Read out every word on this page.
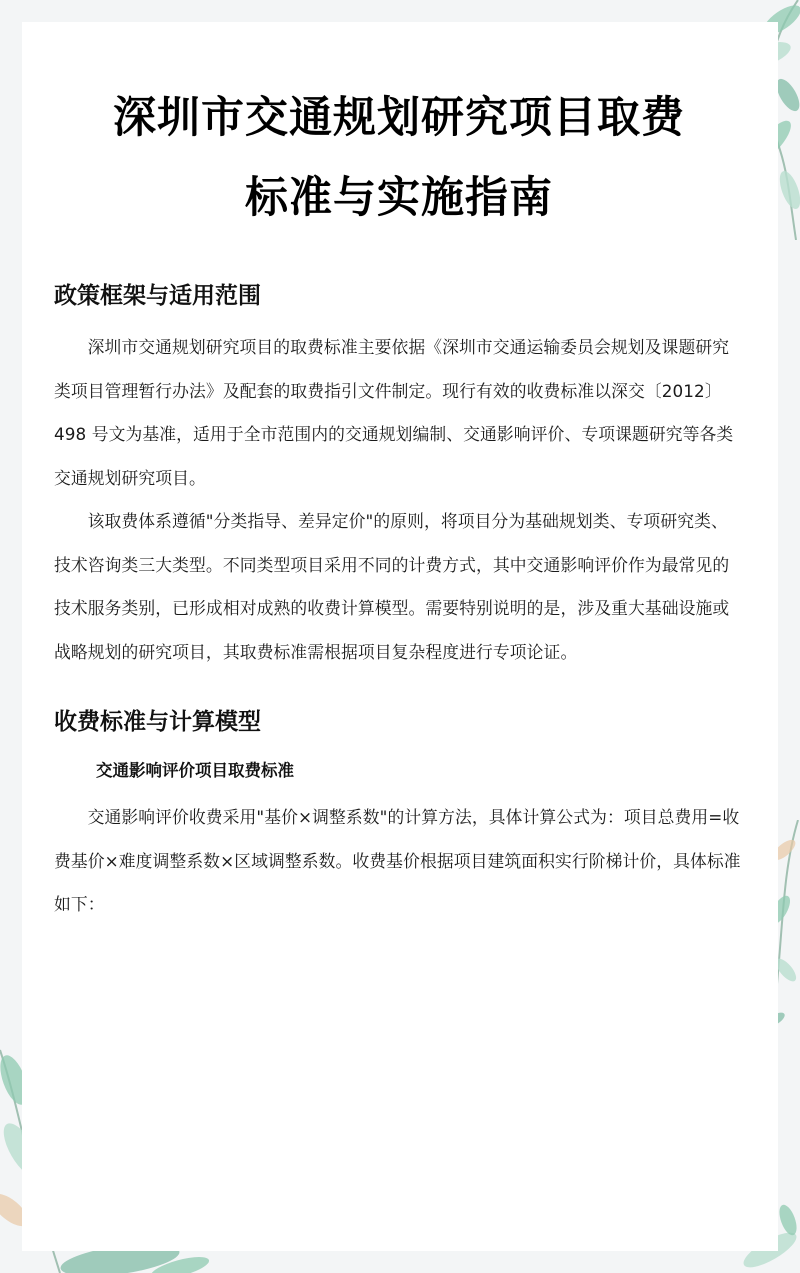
深圳市交通规划研究项目取费
标准与实施指南
政策框架与适用范围

深圳市交通规划研究项目的取费标准主要依据《深圳市交通运输委员会规划及课题研究类项目管理暂行办法》及配套的取费指引文件制定。现行有效的收费标准以深交〔2012〕498 号文为基准，适用于全市范围内的交通规划编制、交通影响评价、专项课题研究等各类交通规划研究项目。

该取费体系遵循"分类指导、差异定价"的原则，将项目分为基础规划类、专项研究类、技术咨询类三大类型。不同类型项目采用不同的计费方式，其中交通影响评价作为最常见的技术服务类别，已形成相对成熟的收费计算模型。需要特别说明的是，涉及重大基础设施或战略规划的研究项目，其取费标准需根据项目复杂程度进行专项论证。

收费标准与计算模型
交通影响评价项目取费标准

交通影响评价收费采用"基价×调整系数"的计算方法，具体计算公式为：项目总费用=收费基价×难度调整系数×区域调整系数。收费基价根据项目建筑面积实行阶梯计价，具体标准如下：
